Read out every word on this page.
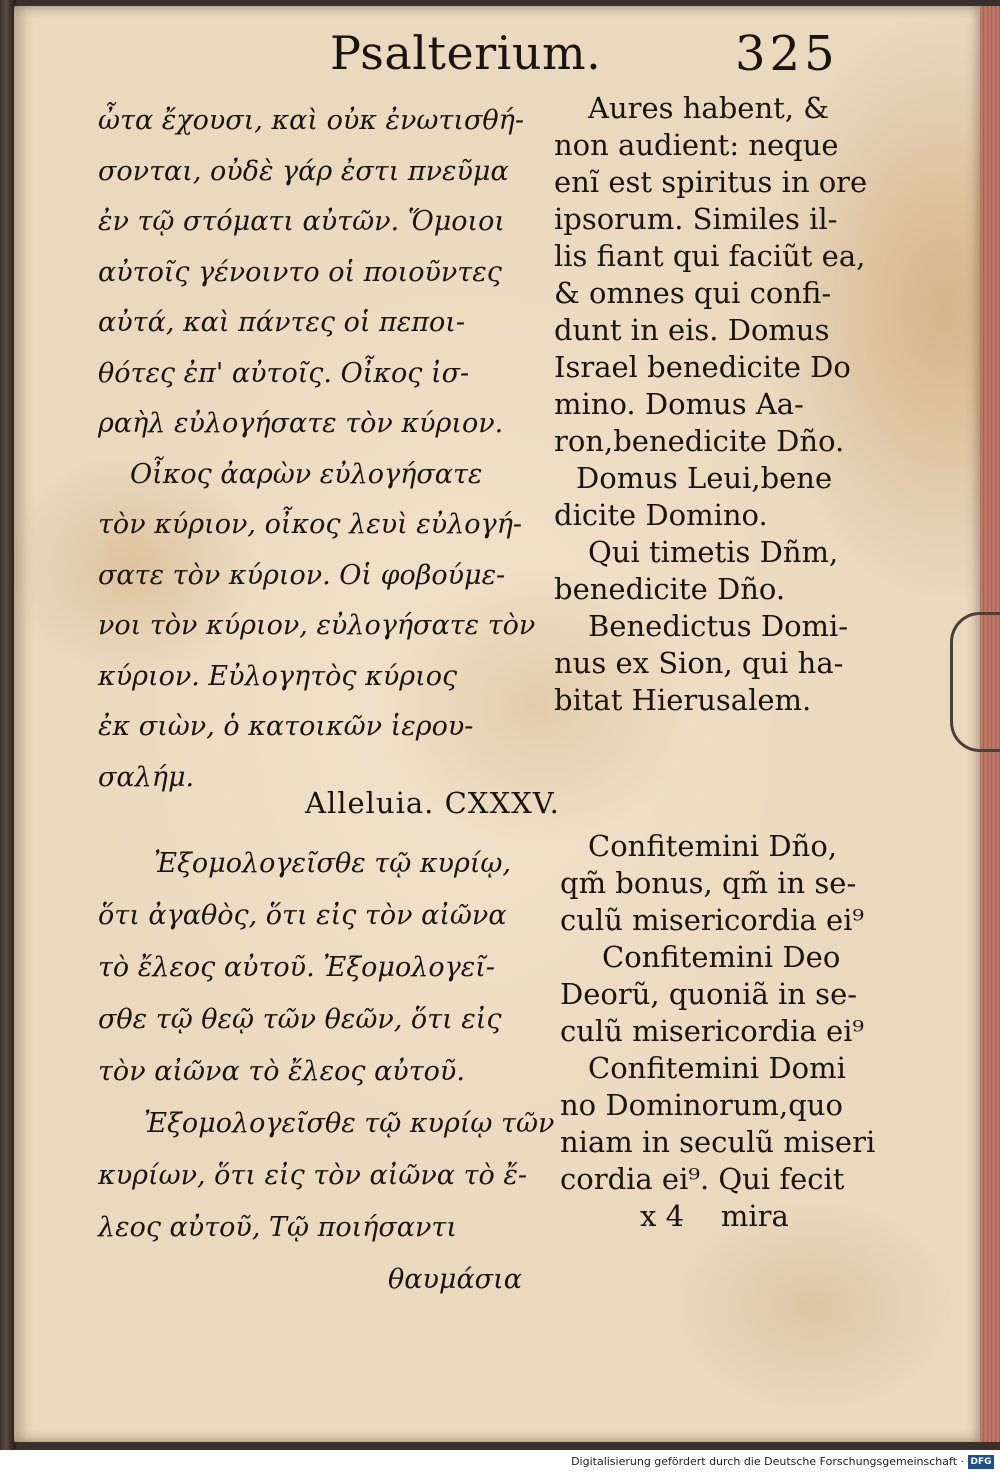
Psalterium.	325

ὦτα ἔχουσι, καὶ οὐκ ἐνωτισθή-

σονται, οὐδὲ γάρ ἐστι πνεῦμα

ἐν τῷ στόματι αὐτῶν. Ὅμοιοι

αὐτοῖς γένοιντο οἱ ποιοῦντες

αὐτά, καὶ πάντες οἱ πεποι-

θότες ἐπ' αὐτοῖς. Οἶκος ἰσ-

ραὴλ εὐλογήσατε τὸν κύριον.

Οἶκος ἀαρὼν εὐλογήσατε

τὸν κύριον, οἶκος λευὶ εὐλογή-

σατε τὸν κύριον. Οἱ φοβούμε-

νοι τὸν κύριον, εὐλογήσατε τὸν

κύριον. Εὐλογητὸς κύριος

ἐκ σιὼν, ὁ κατοικῶν ἱερου-

σαλήμ.

Aures habent, &

non audient: neque

enĩ est spiritus in ore

ipsorum. Similes il-

lis fiant qui faciũt ea,

& omnes qui confi-

dunt in eis. Domus

Israel benedicite Do

mino. Domus Aa-

ron,benedicite Dño.

Domus Leui,bene

dicite Domino.

Qui timetis Dñm,

benedicite Dño.

Benedictus Domi-

nus ex Sion, qui ha-

bitat Hierusalem.

Alleluia. CXXXV.

Ἐξομολογεῖσθε τῷ κυρίῳ,

ὅτι ἀγαθὸς, ὅτι εἰς τὸν αἰῶνα

τὸ ἔλεος αὐτοῦ. Ἐξομολογεῖ-

σθε τῷ θεῷ τῶν θεῶν, ὅτι εἰς

τὸν αἰῶνα τὸ ἔλεος αὐτοῦ.

Ἐξομολογεῖσθε τῷ κυρίῳ τῶν

κυρίων, ὅτι εἰς τὸν αἰῶνα τὸ ἔ-

λεος αὐτοῦ, Τῷ ποιήσαντι

θαυμάσια

Confitemini Dño,

qm̃ bonus, qm̃ in se-

culũ misericordia ei⁹

Confitemini Deo

Deorũ, quoniã in se-

culũ misericordia ei⁹

Confitemini Domi

no Dominorum,quo

niam in seculũ miseri

cordia ei⁹. Qui fecit

x 4    mira

Digitalisierung gefördert durch die Deutsche Forschungsgemeinschaft · DFG
